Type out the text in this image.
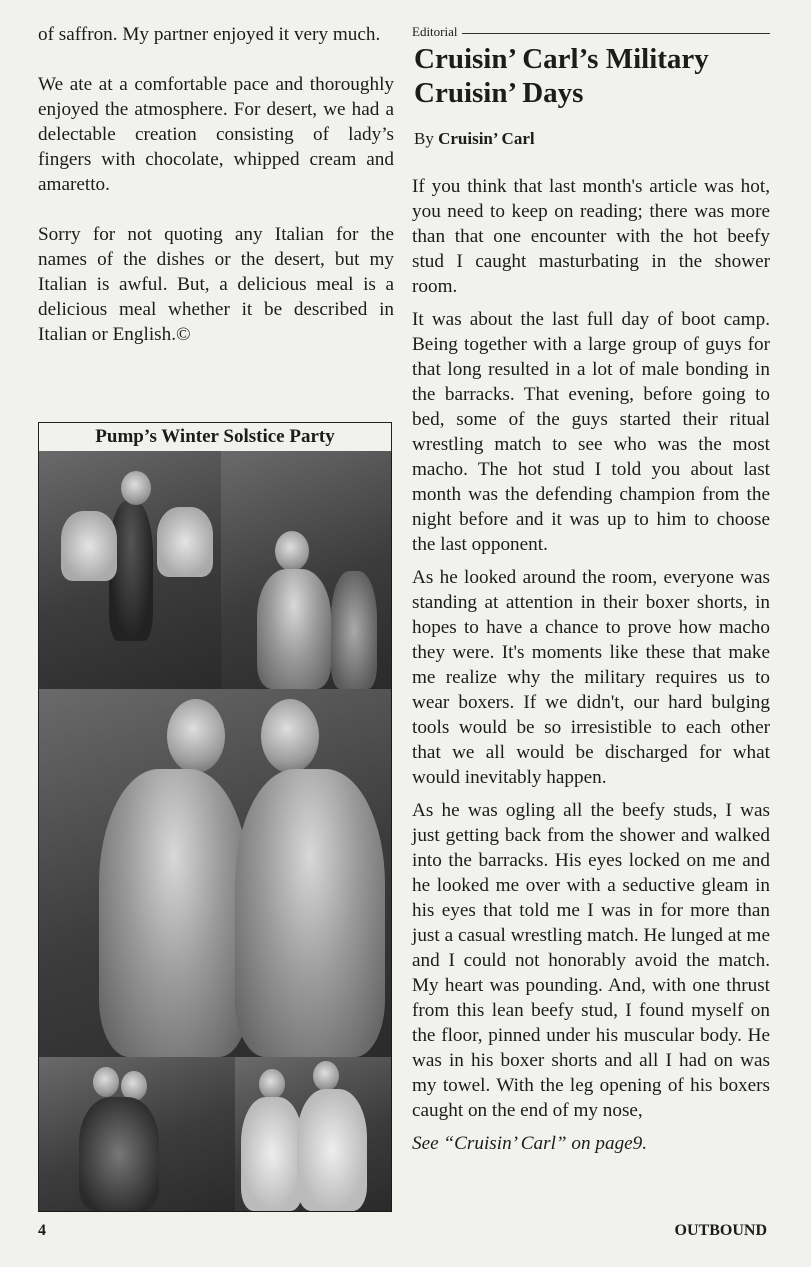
of saffron. My partner enjoyed it very much.

We ate at a comfortable pace and thoroughly enjoyed the atmosphere. For desert, we had a delectable creation consisting of lady’s fingers with chocolate, whipped cream and amaretto.

Sorry for not quoting any Italian for the names of the dishes or the desert, but my Italian is awful. But, a delicious meal is a delicious meal whether it be described in Italian or English.©

Pump’s Winter Solstice Party
Editorial
Cruisin’ Carl’s Military Cruisin’ Days
By Cruisin’ Carl

If you think that last month's article was hot, you need to keep on reading; there was more than that one encounter with the hot beefy stud I caught masturbating in the shower room.

It was about the last full day of boot camp. Being together with a large group of guys for that long resulted in a lot of male bonding in the barracks. That evening, before going to bed, some of the guys started their ritual wrestling match to see who was the most macho. The hot stud I told you about last month was the defending champion from the night before and it was up to him to choose the last opponent.

As he looked around the room, everyone was standing at attention in their boxer shorts, in hopes to have a chance to prove how macho they were. It's moments like these that make me realize why the military requires us to wear boxers. If we didn't, our hard bulging tools would be so irresistible to each other that we all would be discharged for what would inevitably happen.

As he was ogling all the beefy studs, I was just getting back from the shower and walked into the barracks. His eyes locked on me and he looked me over with a seductive gleam in his eyes that told me I was in for more than just a casual wrestling match. He lunged at me and I could not honorably avoid the match. My heart was pounding. And, with one thrust from this lean beefy stud, I found myself on the floor, pinned under his muscular body. He was in his boxer shorts and all I had on was my towel. With the leg opening of his boxers caught on the end of my nose,

See “Cruisin’ Carl” on page9.

4	OUTBOUND
